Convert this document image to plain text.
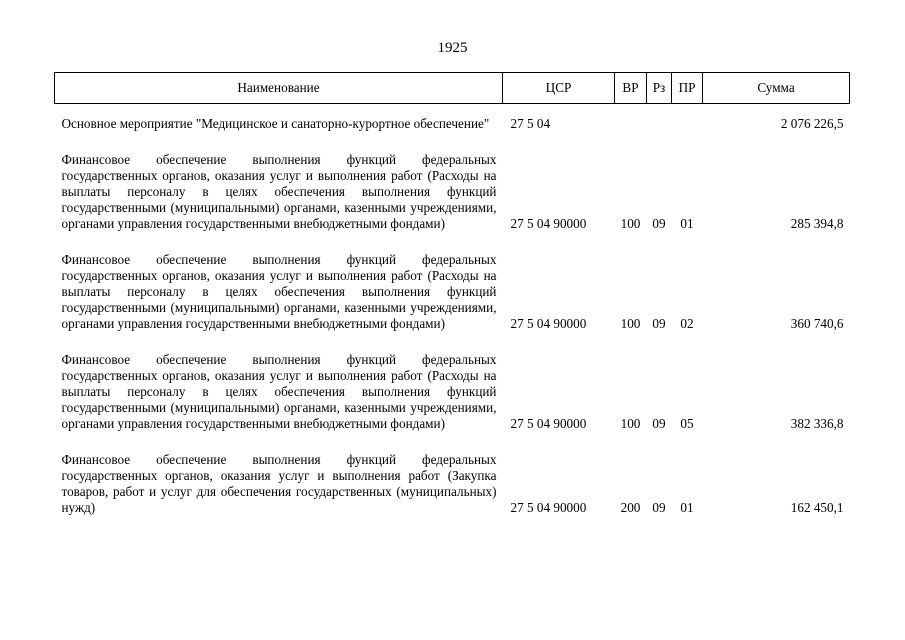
1925
Наименование	ЦСР	ВР	Рз	ПР	Сумма

Основное мероприятие "Медицинское и санаторно-курортное обеспечение"	27 5 04				2 076 226,5

Финансовое обеспечение выполнения функций федеральных государственных органов, оказания услуг и выполнения работ (Расходы на выплаты персоналу в целях обеспечения выполнения функций государственными (муниципальными) органами, казенными учреждениями, органами управления государственными внебюджетными фондами)	27 5 04 90000	100	09	01	285 394,8

Финансовое обеспечение выполнения функций федеральных государственных органов, оказания услуг и выполнения работ (Расходы на выплаты персоналу в целях обеспечения выполнения функций государственными (муниципальными) органами, казенными учреждениями, органами управления государственными внебюджетными фондами)	27 5 04 90000	100	09	02	360 740,6

Финансовое обеспечение выполнения функций федеральных государственных органов, оказания услуг и выполнения работ (Расходы на выплаты персоналу в целях обеспечения выполнения функций государственными (муниципальными) органами, казенными учреждениями, органами управления государственными внебюджетными фондами)	27 5 04 90000	100	09	05	382 336,8

Финансовое обеспечение выполнения функций федеральных государственных органов, оказания услуг и выполнения работ (Закупка товаров, работ и услуг для обеспечения государственных (муниципальных) нужд)	27 5 04 90000	200	09	01	162 450,1
